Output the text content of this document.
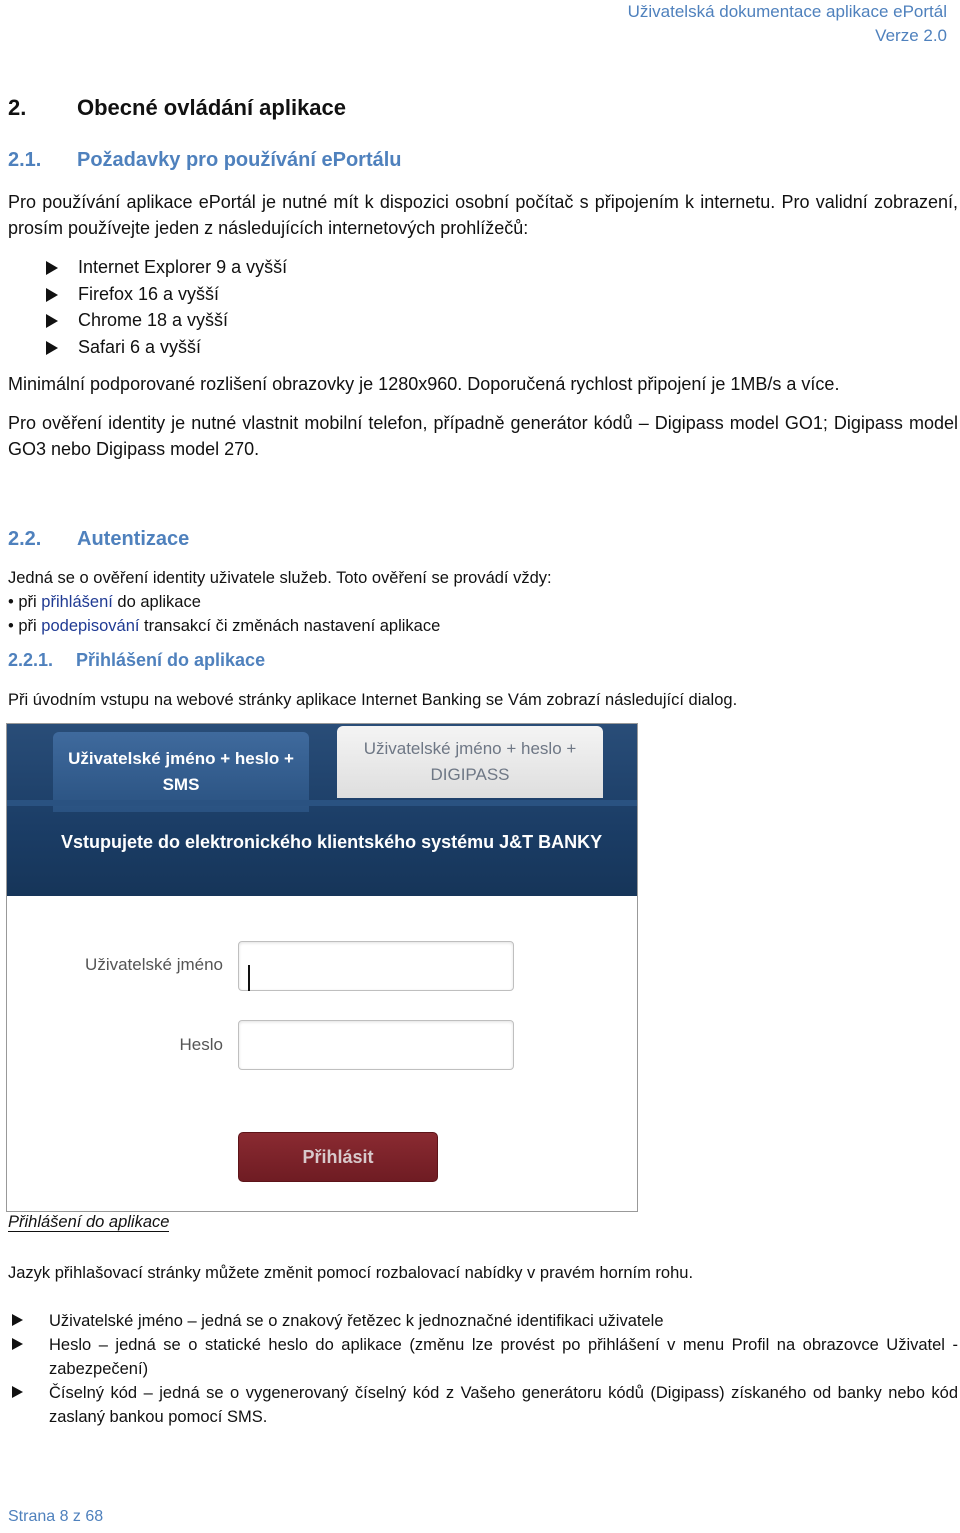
Uživatelská dokumentace aplikace ePortál
Verze 2.0
2. Obecné ovládání aplikace
2.1. Požadavky pro používání ePortálu
Pro používání aplikace ePortál je nutné mít k dispozici osobní počítač s připojením k internetu. Pro validní zobrazení, prosím používejte jeden z následujících internetových prohlížečů:
Internet Explorer 9 a vyšší
Firefox 16 a vyšší
Chrome 18 a vyšší
Safari 6 a vyšší
Minimální podporované rozlišení obrazovky je 1280x960. Doporučená rychlost připojení je 1MB/s a více.
Pro ověření identity je nutné vlastnit mobilní telefon, případně generátor kódů – Digipass model GO1; Digipass model GO3 nebo Digipass model 270.
2.2. Autentizace
Jedná se o ověření identity uživatele služeb. Toto ověření se provádí vždy:
• při přihlášení do aplikace
• při podepisování transakcí či změnách nastavení aplikace
2.2.1. Přihlášení do aplikace
Při úvodním vstupu na webové stránky aplikace Internet Banking se Vám zobrazí následující dialog.
Uživatelské jméno + heslo + SMS
Uživatelské jméno + heslo + DIGIPASS
Vstupujete do elektronického klientského systému J&T BANKY
Uživatelské jméno
Heslo
Přihlásit
Přihlášení do aplikace
Jazyk přihlašovací stránky můžete změnit pomocí rozbalovací nabídky v pravém horním rohu.
Uživatelské jméno – jedná se o znakový řetězec k jednoznačné identifikaci uživatele
Heslo – jedná se o statické heslo do aplikace (změnu lze provést po přihlášení v menu Profil na obrazovce Uživatel - zabezpečení)
Číselný kód – jedná se o vygenerovaný číselný kód z Vašeho generátoru kódů (Digipass) získaného od banky nebo kód zaslaný bankou pomocí SMS.
Strana 8 z 68
